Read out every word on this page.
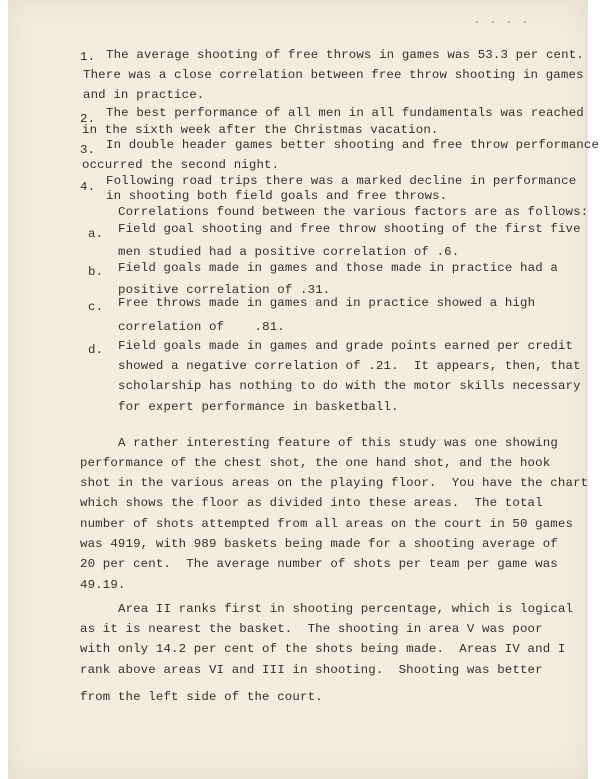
. . . .
1. The average shooting of free throws in games was 53.3 per cent.
There was a close correlation between free throw shooting in games
and in practice.
2. The best performance of all men in all fundamentals was reached
in the sixth week after the Christmas vacation.
3. In double header games better shooting and free throw performance
occurred the second night.
4. Following road trips there was a marked decline in performance
in shooting both field goals and free throws.
Correlations found between the various factors are as follows:
a. Field goal shooting and free throw shooting of the first five
men studied had a positive correlation of .6.
b. Field goals made in games and those made in practice had a
positive correlation of .31.
c. Free throws made in games and in practice showed a high
correlation of    .81.
d. Field goals made in games and grade points earned per credit
showed a negative correlation of .21.  It appears, then, that
scholarship has nothing to do with the motor skills necessary
for expert performance in basketball.
A rather interesting feature of this study was one showing
performance of the chest shot, the one hand shot, and the hook
shot in the various areas on the playing floor.  You have the chart
which shows the floor as divided into these areas.  The total
number of shots attempted from all areas on the court in 50 games
was 4919, with 989 baskets being made for a shooting average of
20 per cent.  The average number of shots per team per game was
49.19.
Area II ranks first in shooting percentage, which is logical
as it is nearest the basket.  The shooting in area V was poor
with only 14.2 per cent of the shots being made.  Areas IV and I
rank above areas VI and III in shooting.  Shooting was better
from the left side of the court.
